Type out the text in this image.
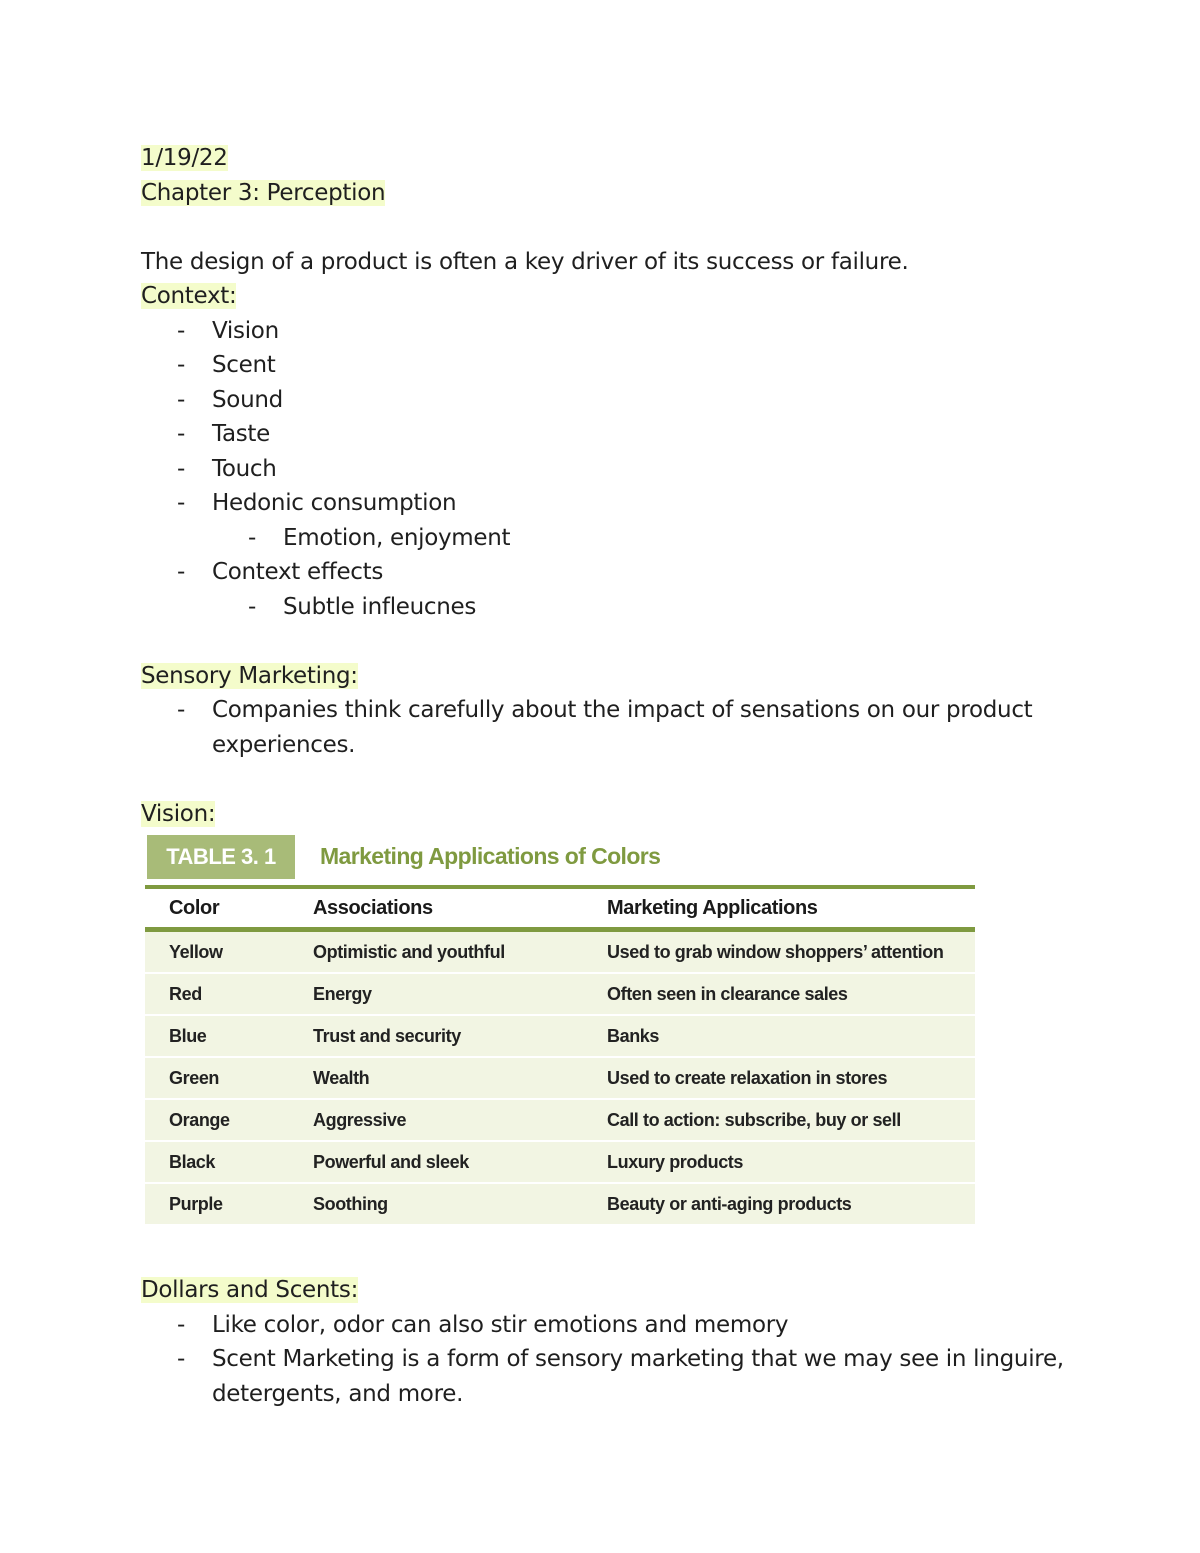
1/19/22
Chapter 3: Perception
The design of a product is often a key driver of its success or failure.
Context:
- Vision
- Scent
- Sound
- Taste
- Touch
- Hedonic consumption
- Emotion, enjoyment
- Context effects
- Subtle infleucnes
Sensory Marketing:
- Companies think carefully about the impact of sensations on our product experiences.
Vision:
TABLE 3. 1	Marketing Applications of Colors
Color	Associations	Marketing Applications
Yellow	Optimistic and youthful	Used to grab window shoppers’ attention
Red	Energy	Often seen in clearance sales
Blue	Trust and security	Banks
Green	Wealth	Used to create relaxation in stores
Orange	Aggressive	Call to action: subscribe, buy or sell
Black	Powerful and sleek	Luxury products
Purple	Soothing	Beauty or anti-aging products
Dollars and Scents:
- Like color, odor can also stir emotions and memory
- Scent Marketing is a form of sensory marketing that we may see in linguire, detergents, and more.
